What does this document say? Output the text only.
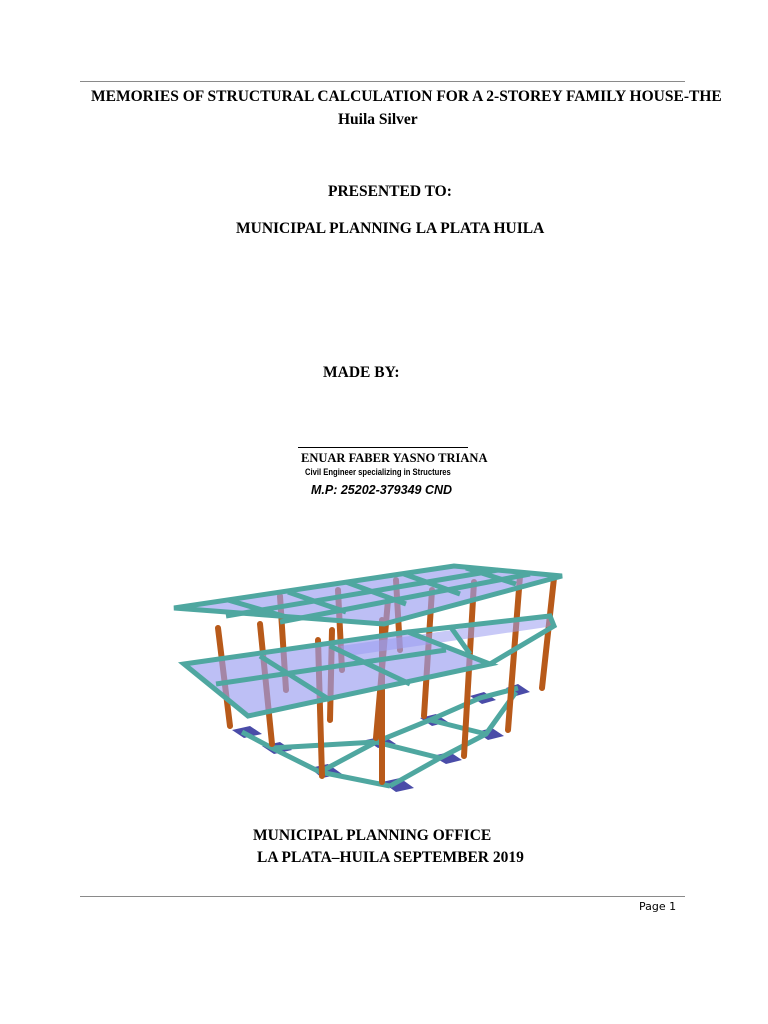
MEMORIES OF STRUCTURAL CALCULATION FOR A 2-STOREY FAMILY HOUSE-THE
Huila Silver
PRESENTED TO:
MUNICIPAL PLANNING LA PLATA HUILA
MADE BY:
ENUAR FABER YASNO TRIANA
Civil Engineer specializing in Structures
M.P: 25202-379349 CND
MUNICIPAL PLANNING OFFICE
LA PLATA–HUILA SEPTEMBER 2019
Page 1
